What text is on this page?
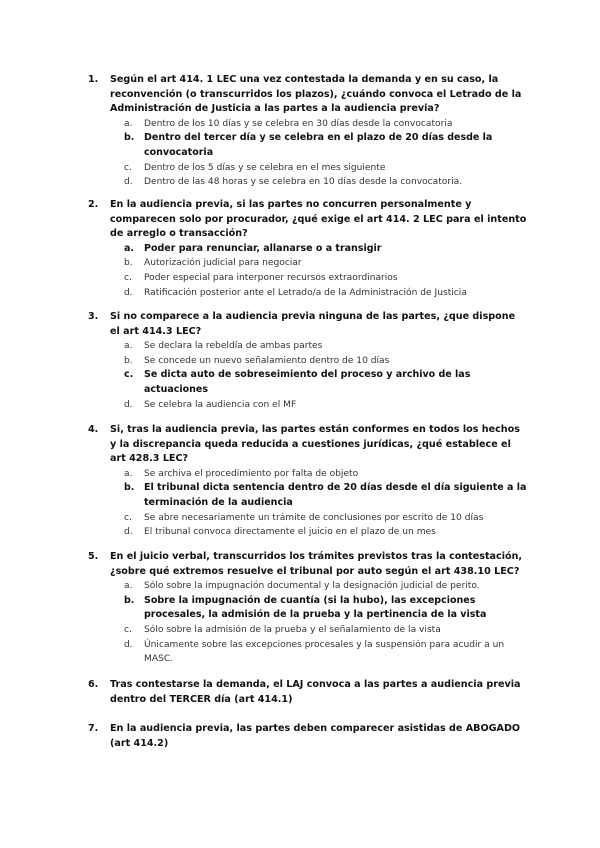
1.	Según el art 414. 1 LEC una vez contestada la demanda y en su caso, la reconvención (o transcurridos los plazos), ¿cuándo convoca el Letrado de la Administración de Justicia a las partes a la audiencia previa?
a.	Dentro de los 10 días y se celebra en 30 días desde la convocatoria
b.	Dentro del tercer día y se celebra en el plazo de 20 días desde la convocatoria
c.	Dentro de los 5 días y se celebra en el mes siguiente
d.	Dentro de las 48 horas y se celebra en 10 días desde la convocatoria.
2.	En la audiencia previa, si las partes no concurren personalmente y comparecen solo por procurador, ¿qué exige el art 414. 2 LEC para el intento de arreglo o transacción?
a.	Poder para renunciar, allanarse o a transigir
b.	Autorización judicial para negociar
c.	Poder especial para interponer recursos extraordinarios
d.	Ratificación posterior ante el Letrado/a de la Administración de Justicia
3.	Si no comparece a la audiencia previa ninguna de las partes, ¿que dispone el art 414.3 LEC?
a.	Se declara la rebeldía de ambas partes
b.	Se concede un nuevo señalamiento dentro de 10 días
c.	Se dicta auto de sobreseimiento del proceso y archivo de las actuaciones
d.	Se celebra la audiencia con el MF
4.	Si, tras la audiencia previa, las partes están conformes en todos los hechos y la discrepancia queda reducida a cuestiones jurídicas, ¿qué establece el art 428.3 LEC?
a.	Se archiva el procedimiento por falta de objeto
b.	El tribunal dicta sentencia dentro de 20 días desde el día siguiente a la terminación de la audiencia
c.	Se abre necesariamente un trámite de conclusiones por escrito de 10 días
d.	El tribunal convoca directamente el juicio en el plazo de un mes
5.	En el juicio verbal, transcurridos los trámites previstos tras la contestación, ¿sobre qué extremos resuelve el tribunal por auto según el art 438.10 LEC?
a.	Sólo sobre la impugnación documental y la designación judicial de perito.
b.	Sobre la impugnación de cuantía (si la hubo), las excepciones procesales, la admisión de la prueba y la pertinencia de la vista
c.	Sólo sobre la admisión de la prueba y el señalamiento de la vista
d.	Únicamente sobre las excepciones procesales y la suspensión para acudir a un MASC.
6.	Tras contestarse la demanda, el LAJ convoca a las partes a audiencia previa dentro del TERCER día (art 414.1)
7.	En la audiencia previa, las partes deben comparecer asistidas de ABOGADO (art 414.2)
